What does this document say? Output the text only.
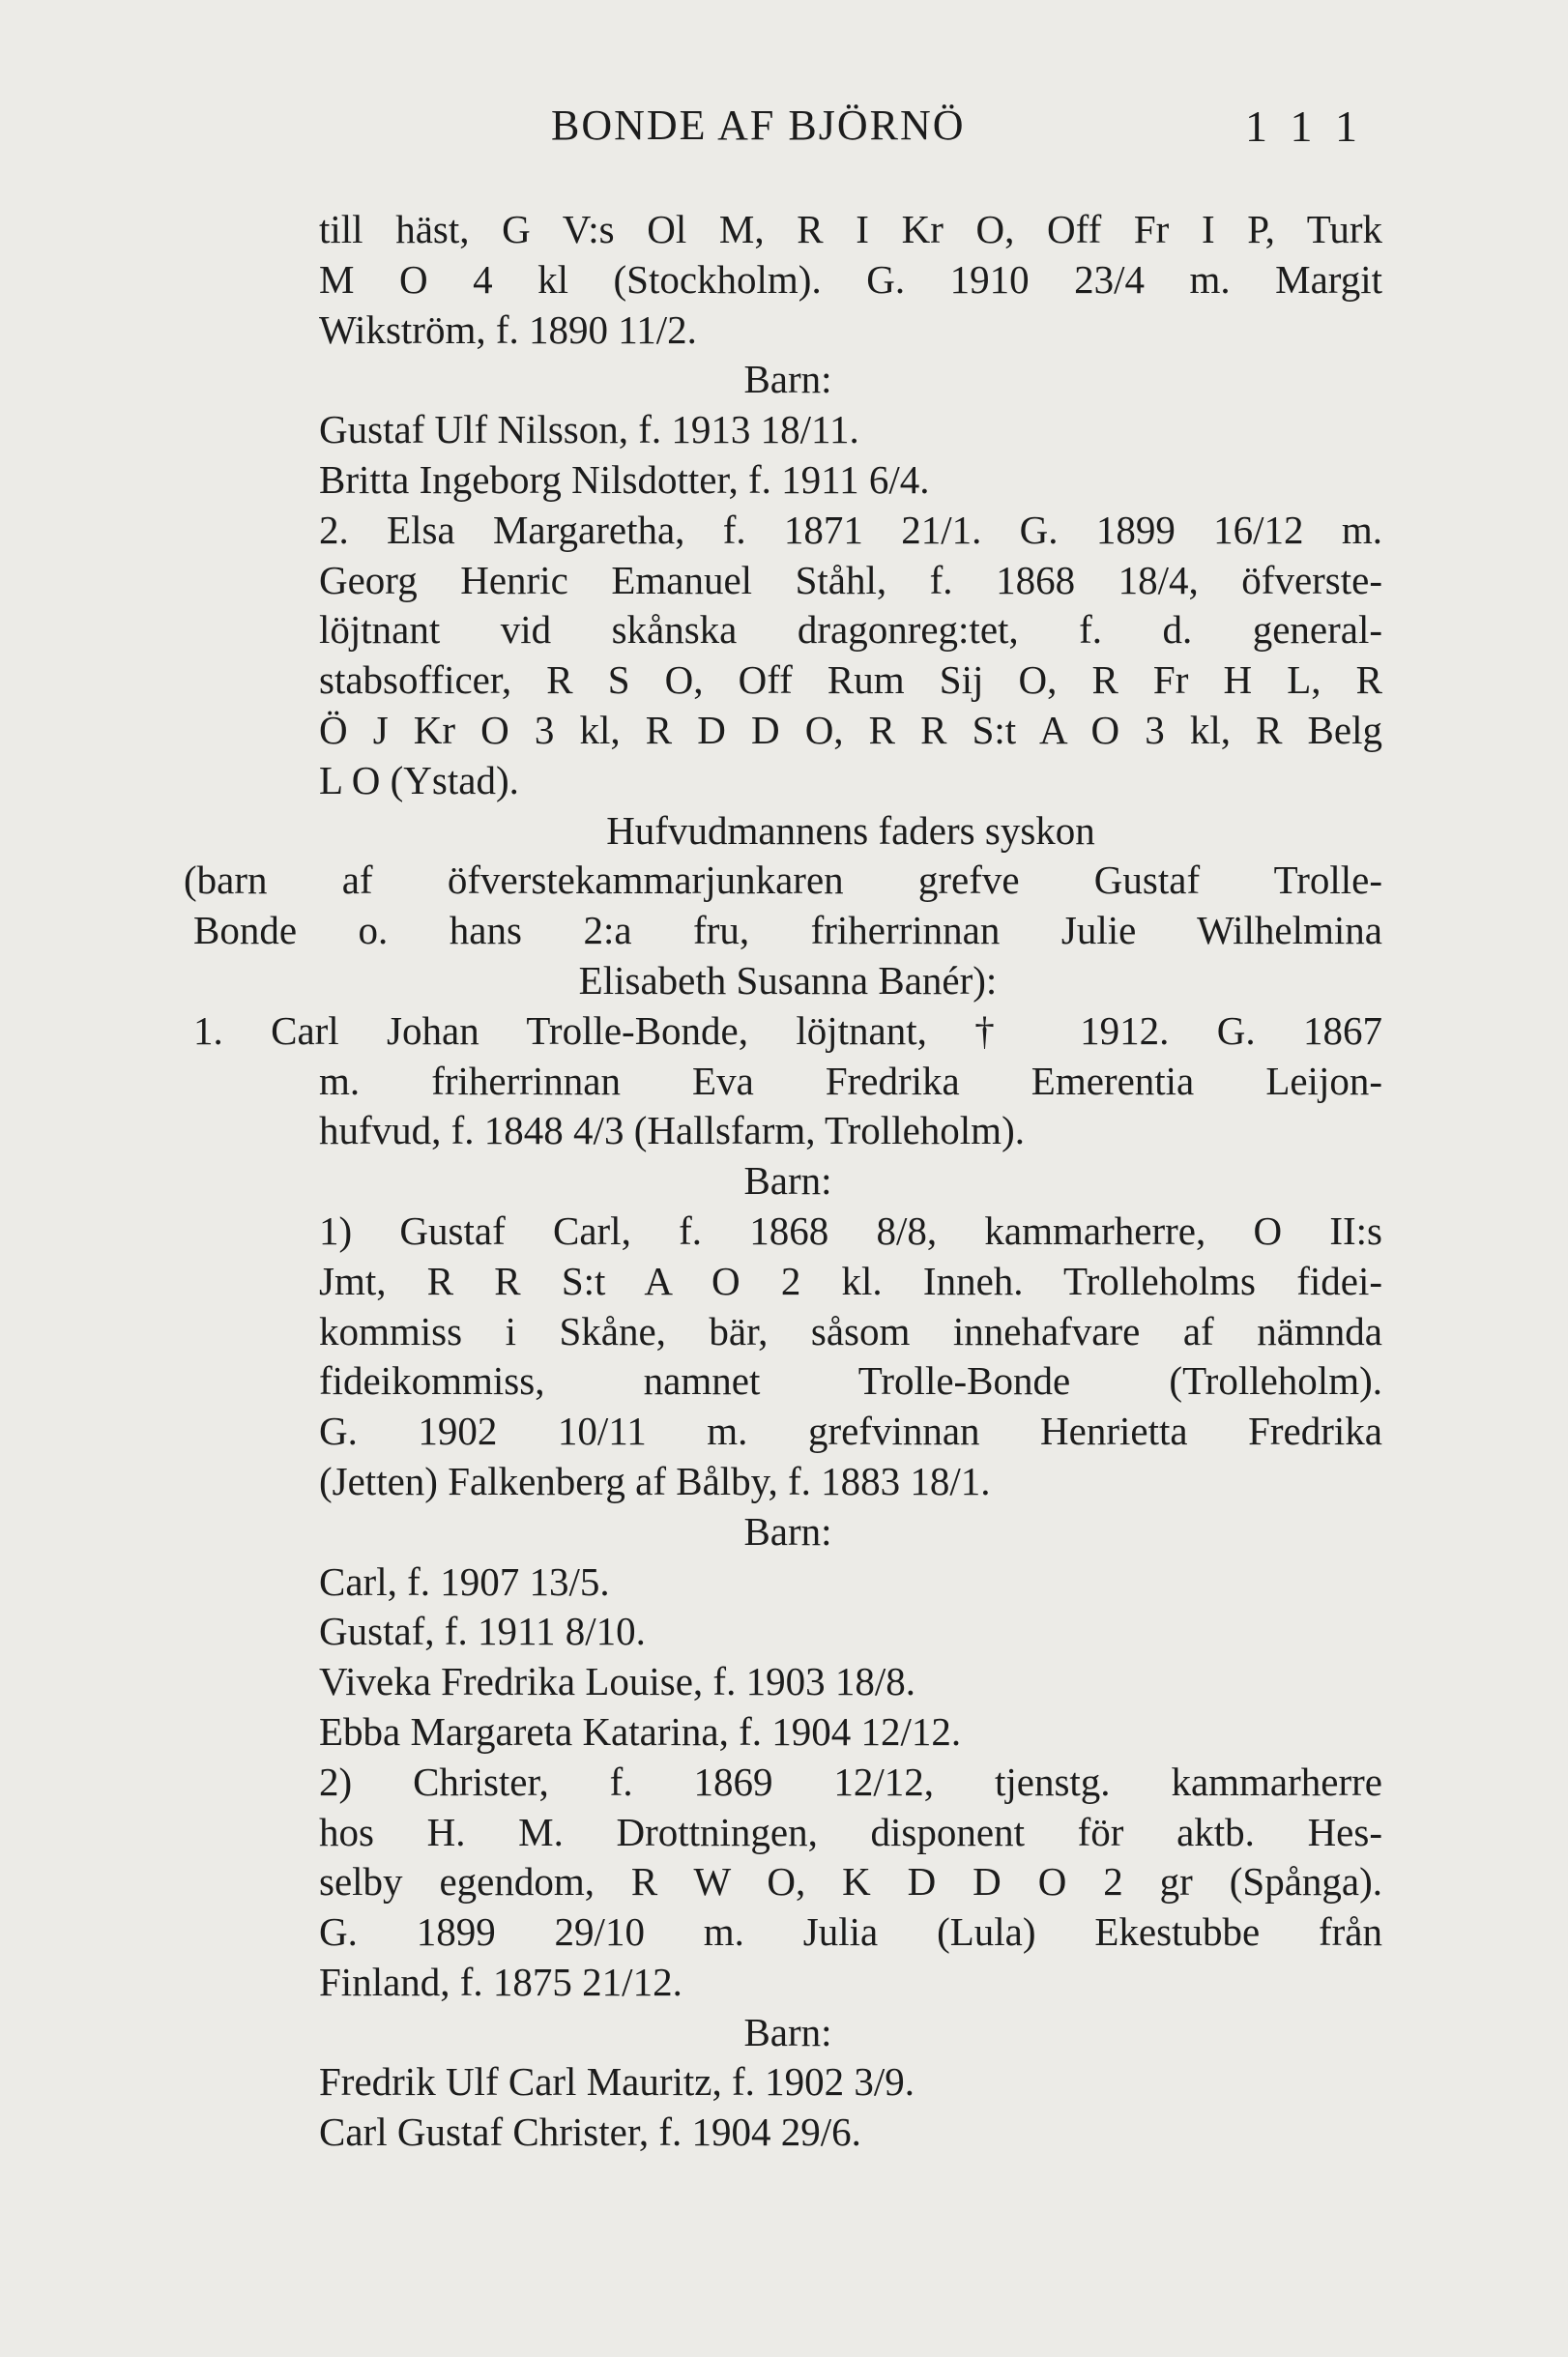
BONDE AF BJÖRNÖ	1 1 1
till häst, G V:s Ol M, R I Kr O, Off Fr I P, Turk
M O 4 kl (Stockholm). G. 1910 23/4 m. Margit
Wikström, f. 1890 11/2.
Barn:
Gustaf Ulf Nilsson, f. 1913 18/11.
Britta Ingeborg Nilsdotter, f. 1911 6/4.
2. Elsa Margaretha, f. 1871 21/1. G. 1899 16/12 m.
Georg Henric Emanuel Ståhl, f. 1868 18/4, öfverste-
löjtnant vid skånska dragonreg:tet, f. d. general-
stabsofficer, R S O, Off Rum Sij O, R Fr H L, R
Ö J Kr O 3 kl, R D D O, R R S:t A O 3 kl, R Belg
L O (Ystad).
Hufvudmannens faders syskon
(barn af öfverstekammarjunkaren grefve Gustaf Trolle-
Bonde o. hans 2:a fru, friherrinnan Julie Wilhelmina
Elisabeth Susanna Banér):
1. Carl Johan Trolle-Bonde, löjtnant, † 1912. G. 1867
m. friherrinnan Eva Fredrika Emerentia Leijon-
hufvud, f. 1848 4/3 (Hallsfarm, Trolleholm).
Barn:
1) Gustaf Carl, f. 1868 8/8, kammarherre, O II:s
Jmt, R R S:t A O 2 kl. Inneh. Trolleholms fidei-
kommiss i Skåne, bär, såsom innehafvare af nämnda
fideikommiss, namnet Trolle-Bonde (Trolleholm).
G. 1902 10/11 m. grefvinnan Henrietta Fredrika
(Jetten) Falkenberg af Bålby, f. 1883 18/1.
Barn:
Carl, f. 1907 13/5.
Gustaf, f. 1911 8/10.
Viveka Fredrika Louise, f. 1903 18/8.
Ebba Margareta Katarina, f. 1904 12/12.
2) Christer, f. 1869 12/12, tjenstg. kammarherre
hos H. M. Drottningen, disponent för aktb. Hes-
selby egendom, R W O, K D D O 2 gr (Spånga).
G. 1899 29/10 m. Julia (Lula) Ekestubbe från
Finland, f. 1875 21/12.
Barn:
Fredrik Ulf Carl Mauritz, f. 1902 3/9.
Carl Gustaf Christer, f. 1904 29/6.
